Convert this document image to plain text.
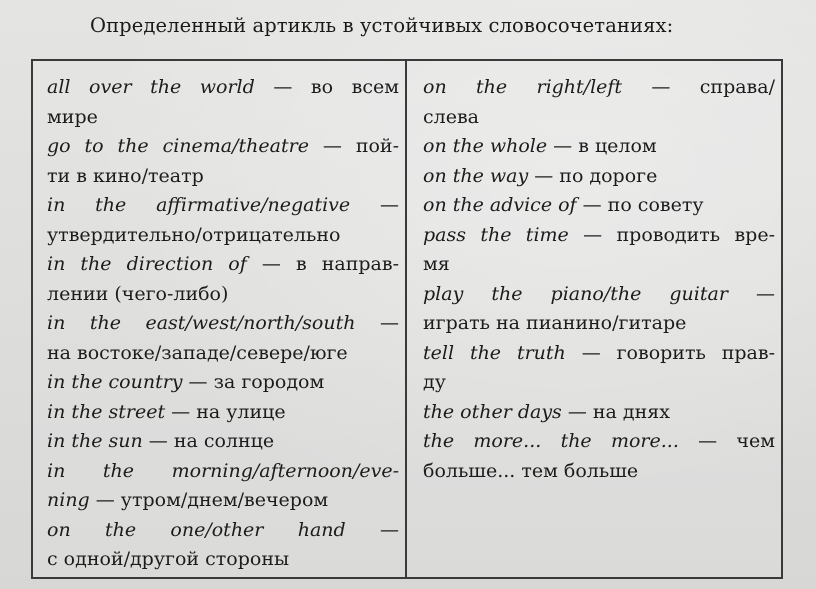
Определенный артикль в устойчивых словосочетаниях:
all over the world — во всем
мире
go to the cinema/theatre — пой-
ти в кино/театр
in the affirmative/negative —
утвердительно/отрицательно
in the direction of — в направ-
лении (чего-либо)
in the east/west/north/south —
на востоке/западе/севере/юге
in the country — за городом
in the street — на улице
in the sun — на солнце
in the morning/afternoon/eve-
ning — утром/днем/вечером
on the one/other hand —
с одной/другой стороны
on the right/left — справа/
слева
on the whole — в целом
on the way — по дороге
on the advice of — по совету
pass the time — проводить вре-
мя
play the piano/the guitar —
играть на пианино/гитаре
tell the truth — говорить прав-
ду
the other days — на днях
the more... the more... — чем
больше... тем больше
